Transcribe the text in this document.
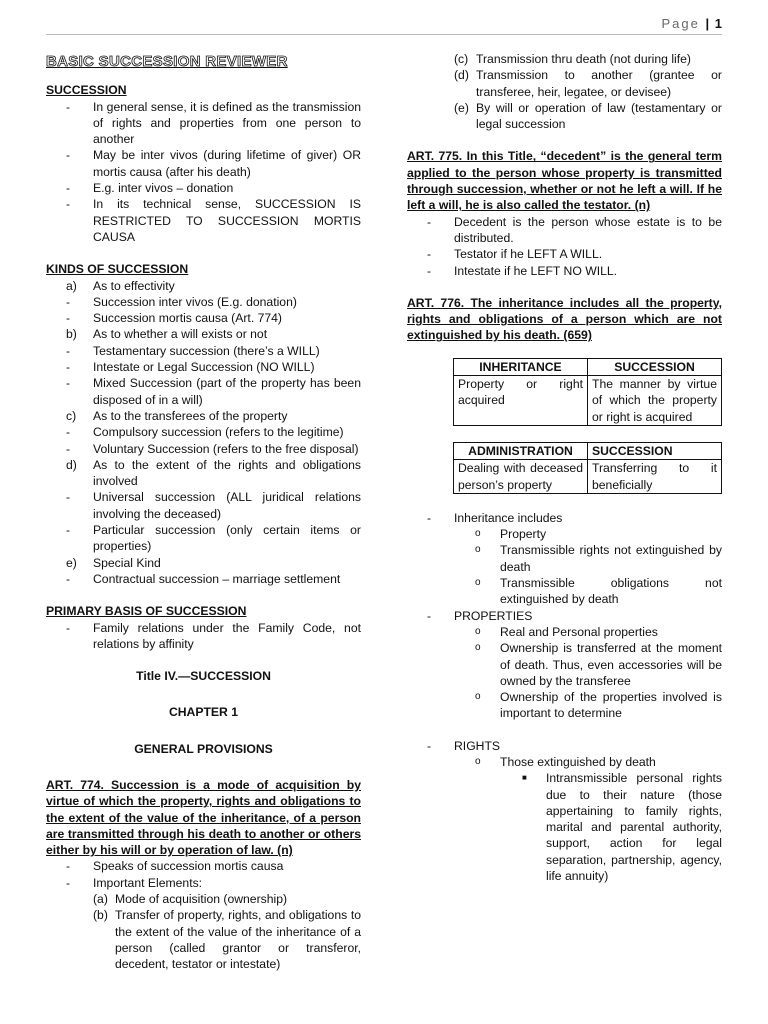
Page | 1
BASIC SUCCESSION REVIEWER
SUCCESSION
-	In general sense, it is defined as the transmission of rights and properties from one person to another
-	May be inter vivos (during lifetime of giver) OR mortis causa (after his death)
-	E.g. inter vivos – donation
-	In its technical sense, SUCCESSION IS RESTRICTED TO SUCCESSION MORTIS CAUSA
KINDS OF SUCCESSION
a)	As to effectivity
-	Succession inter vivos (E.g. donation)
-	Succession mortis causa (Art. 774)
b)	As to whether a will exists or not
-	Testamentary succession (there’s a WILL)
-	Intestate or Legal Succession (NO WILL)
-	Mixed Succession (part of the property has been disposed of in a will)
c)	As to the transferees of the property
-	Compulsory succession (refers to the legitime)
-	Voluntary Succession (refers to the free disposal)
d)	As to the extent of the rights and obligations involved
-	Universal succession (ALL juridical relations involving the deceased)
-	Particular succession (only certain items or properties)
e)	Special Kind
-	Contractual succession – marriage settlement
PRIMARY BASIS OF SUCCESSION
-	Family relations under the Family Code, not relations by affinity
Title IV.—SUCCESSION
CHAPTER 1
GENERAL PROVISIONS
ART. 774. Succession is a mode of acquisition by virtue of which the property, rights and obligations to the extent of the value of the inheritance, of a person are transmitted through his death to another or others either by his will or by operation of law. (n)
-	Speaks of succession mortis causa
-	Important Elements:
(a) Mode of acquisition (ownership)
(b) Transfer of property, rights, and obligations to the extent of the value of the inheritance of a person (called grantor or transferor, decedent, testator or intestate)
(c) Transmission thru death (not during life)
(d) Transmission to another (grantee or transferee, heir, legatee, or devisee)
(e) By will or operation of law (testamentary or legal succession
ART. 775. In this Title, “decedent” is the general term applied to the person whose property is transmitted through succession, whether or not he left a will. If he left a will, he is also called the testator. (n)
-	Decedent is the person whose estate is to be distributed.
-	Testator if he LEFT A WILL.
-	Intestate if he LEFT NO WILL.
ART. 776. The inheritance includes all the property, rights and obligations of a person which are not extinguished by his death. (659)
INHERITANCE	SUCCESSION
Property or right acquired	The manner by virtue of which the property or right is acquired
ADMINISTRATION	SUCCESSION
Dealing with deceased person’s property	Transferring to it beneficially
-	Inheritance includes
o	Property
o	Transmissible rights not extinguished by death
o	Transmissible obligations not extinguished by death
-	PROPERTIES
o	Real and Personal properties
o	Ownership is transferred at the moment of death. Thus, even accessories will be owned by the transferee
o	Ownership of the properties involved is important to determine
-	RIGHTS
o	Those extinguished by death
■	Intransmissible personal rights due to their nature (those appertaining to family rights, marital and parental authority, support, action for legal separation, partnership, agency, life annuity)
